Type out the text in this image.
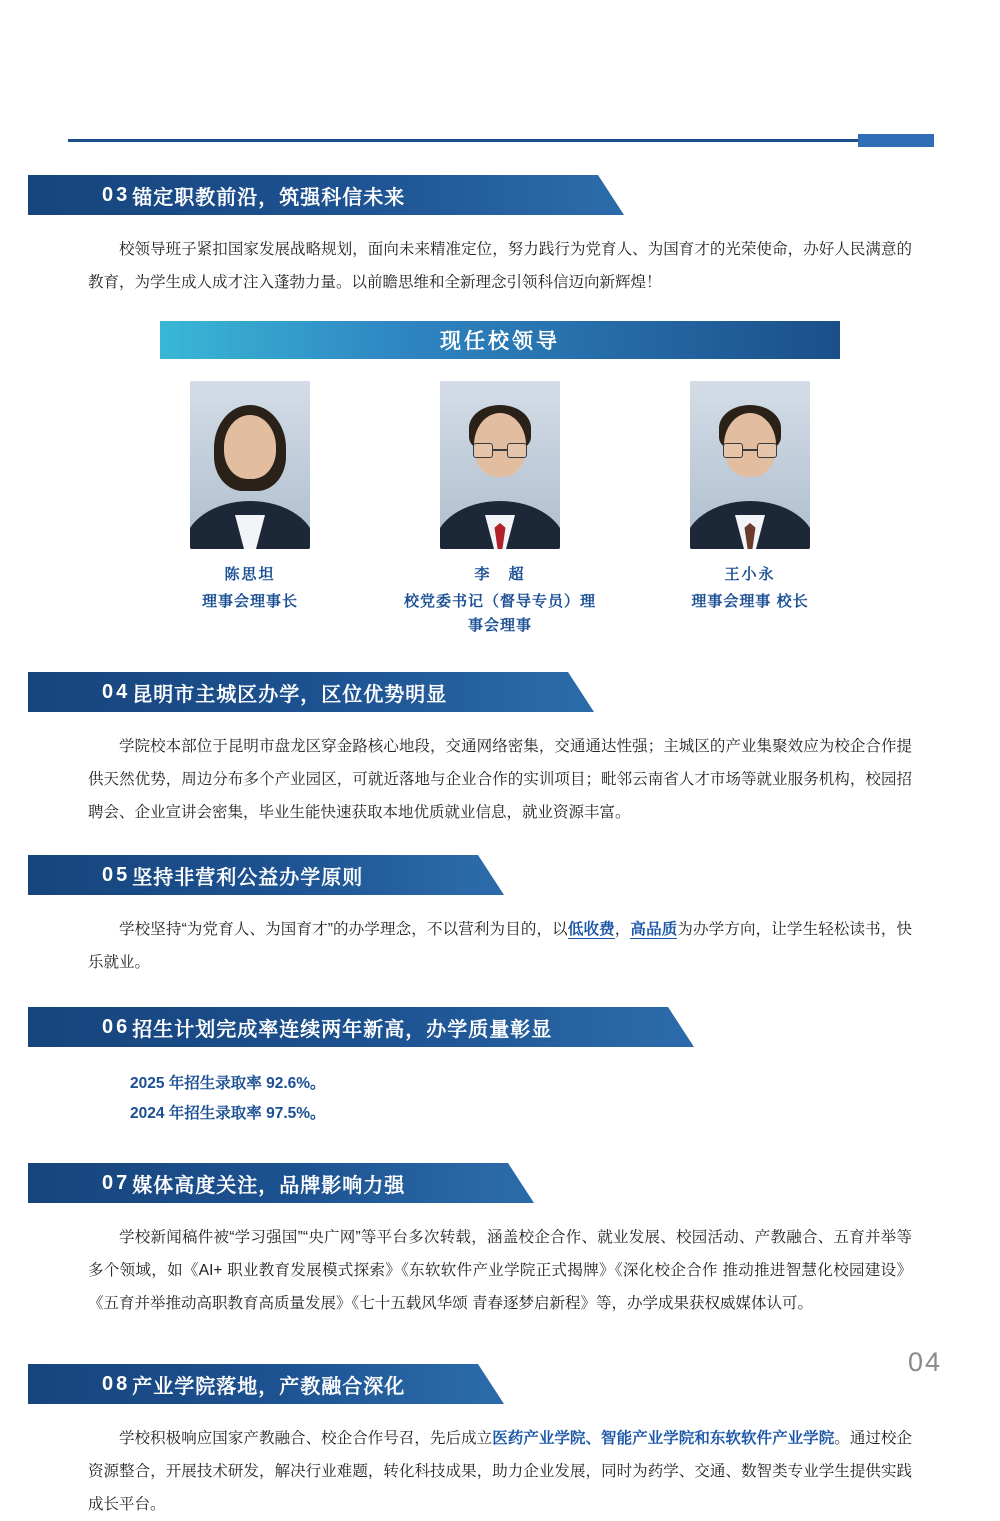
03 锚定职教前沿，筑强科信未来

校领导班子紧扣国家发展战略规划，面向未来精准定位，努力践行为党育人、为国育才的光荣使命，办好人民满意的教育，为学生成人成才注入蓬勃力量。以前瞻思维和全新理念引领科信迈向新辉煌！

现任校领导
陈思坦
理事会理事长
李　超
校党委书记（督导专员）理事会理事
王小永
理事会理事 校长
04 昆明市主城区办学，区位优势明显

学院校本部位于昆明市盘龙区穿金路核心地段，交通网络密集，交通通达性强；主城区的产业集聚效应为校企合作提供天然优势，周边分布多个产业园区，可就近落地与企业合作的实训项目；毗邻云南省人才市场等就业服务机构，校园招聘会、企业宣讲会密集，毕业生能快速获取本地优质就业信息，就业资源丰富。

05 坚持非营利公益办学原则

学校坚持“为党育人、为国育才”的办学理念，不以营利为目的，以低收费，高品质为办学方向，让学生轻松读书，快乐就业。

06 招生计划完成率连续两年新高，办学质量彰显
2025 年招生录取率 92.6%。
2024 年招生录取率 97.5%。
07 媒体高度关注，品牌影响力强

学校新闻稿件被“学习强国”“央广网”等平台多次转载，涵盖校企合作、就业发展、校园活动、产教融合、五育并举等多个领域，如《AI+ 职业教育发展模式探索》《东软软件产业学院正式揭牌》《深化校企合作 推动推进智慧化校园建设》《五育并举推动高职教育高质量发展》《七十五载风华颂 青春逐梦启新程》等，办学成果获权威媒体认可。

08 产业学院落地，产教融合深化

学校积极响应国家产教融合、校企合作号召，先后成立医药产业学院、智能产业学院和东软软件产业学院。通过校企资源整合，开展技术研发，解决行业难题，转化科技成果，助力企业发展，同时为药学、交通、数智类专业学生提供实践成长平台。

04
